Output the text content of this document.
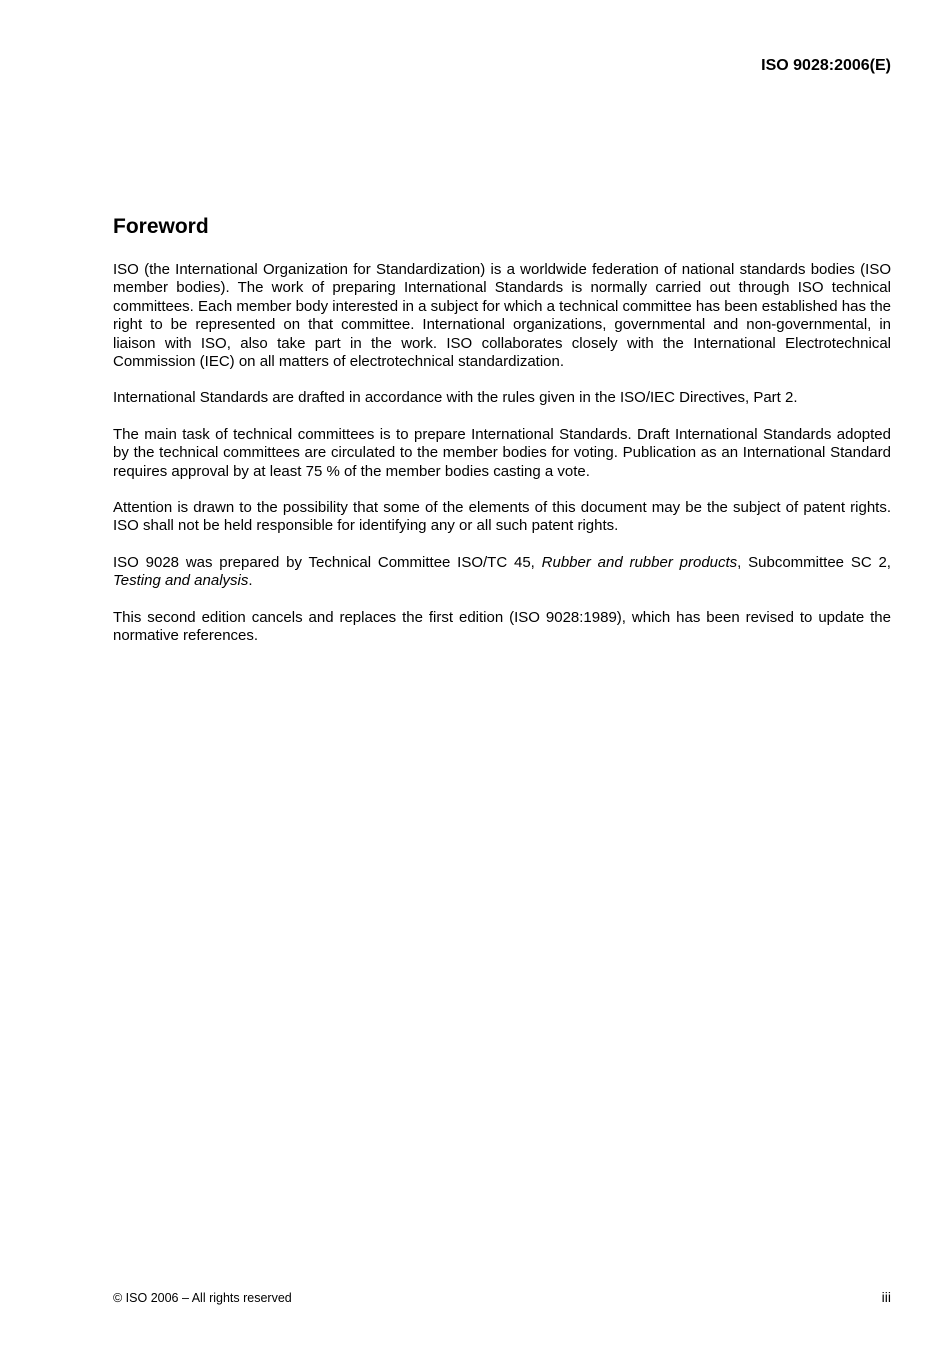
ISO 9028:2006(E)
Foreword

ISO (the International Organization for Standardization) is a worldwide federation of national standards bodies (ISO member bodies). The work of preparing International Standards is normally carried out through ISO technical committees. Each member body interested in a subject for which a technical committee has been established has the right to be represented on that committee. International organizations, governmental and non-governmental, in liaison with ISO, also take part in the work. ISO collaborates closely with the International Electrotechnical Commission (IEC) on all matters of electrotechnical standardization.

International Standards are drafted in accordance with the rules given in the ISO/IEC Directives, Part 2.

The main task of technical committees is to prepare International Standards. Draft International Standards adopted by the technical committees are circulated to the member bodies for voting. Publication as an International Standard requires approval by at least 75 % of the member bodies casting a vote.

Attention is drawn to the possibility that some of the elements of this document may be the subject of patent rights. ISO shall not be held responsible for identifying any or all such patent rights.

ISO 9028 was prepared by Technical Committee ISO/TC 45, Rubber and rubber products, Subcommittee SC 2, Testing and analysis.

This second edition cancels and replaces the first edition (ISO 9028:1989), which has been revised to update the normative references.

© ISO 2006 – All rights reserved	iii
